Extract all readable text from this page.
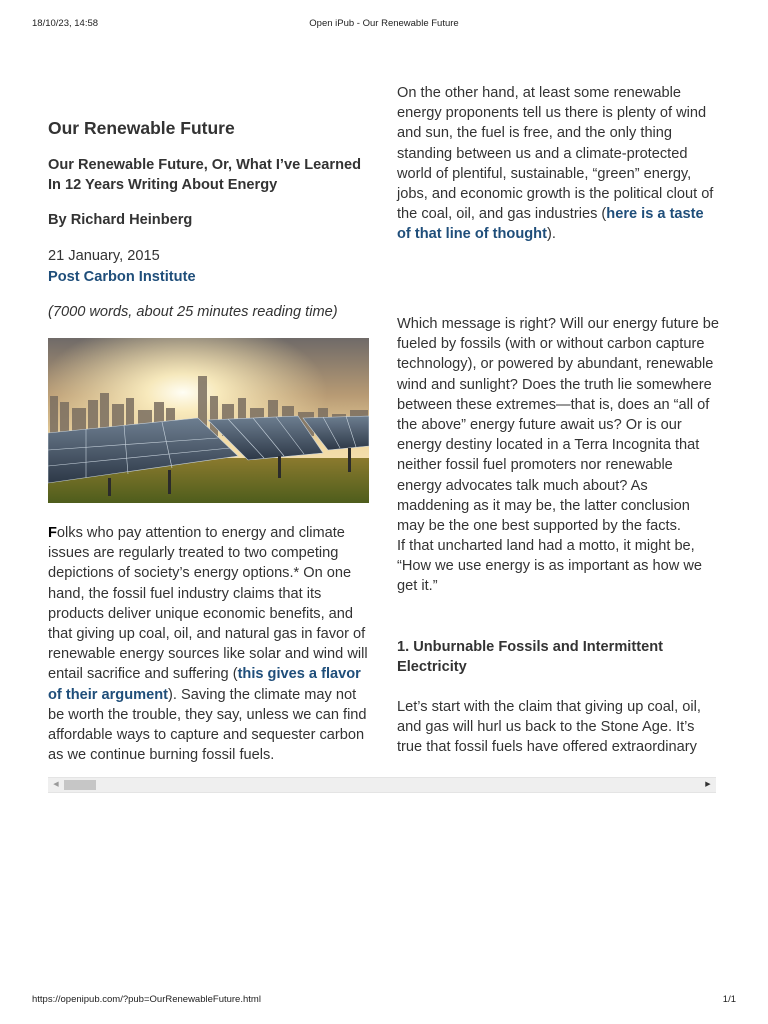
18/10/23, 14:58	Open iPub - Our Renewable Future
Our Renewable Future
Our Renewable Future, Or, What I’ve Learned In 12 Years Writing About Energy
By Richard Heinberg
21 January, 2015
Post Carbon Institute
(7000 words, about 25 minutes reading time)

Folks who pay attention to energy and climate issues are regularly treated to two competing depictions of society’s energy options.* On one hand, the fossil fuel industry claims that its products deliver unique economic benefits, and that giving up coal, oil, and natural gas in favor of renewable energy sources like solar and wind will entail sacrifice and suffering (this gives a flavor of their argument). Saving the climate may not be worth the trouble, they say, unless we can find affordable ways to capture and sequester carbon as we continue burning fossil fuels.

On the other hand, at least some renewable energy proponents tell us there is plenty of wind and sun, the fuel is free, and the only thing standing between us and a climate-protected world of plentiful, sustainable, “green” energy, jobs, and economic growth is the political clout of the coal, oil, and gas industries (here is a taste of that line of thought).

Which message is right? Will our energy future be fueled by fossils (with or without carbon capture technology), or powered by abundant, renewable wind and sunlight? Does the truth lie somewhere between these extremes—that is, does an “all of the above” energy future await us? Or is our energy destiny located in a Terra Incognita that neither fossil fuel promoters nor renewable energy advocates talk much about? As maddening as it may be, the latter conclusion may be the one best supported by the facts.

If that uncharted land had a motto, it might be, “How we use energy is as important as how we get it.”

1. Unburnable Fossils and Intermittent Electricity

Let’s start with the claim that giving up coal, oil, and gas will hurl us back to the Stone Age. It’s true that fossil fuels have offered extraordinary

◀	▶
https://openipub.com/?pub=OurRenewableFuture.html	1/1
